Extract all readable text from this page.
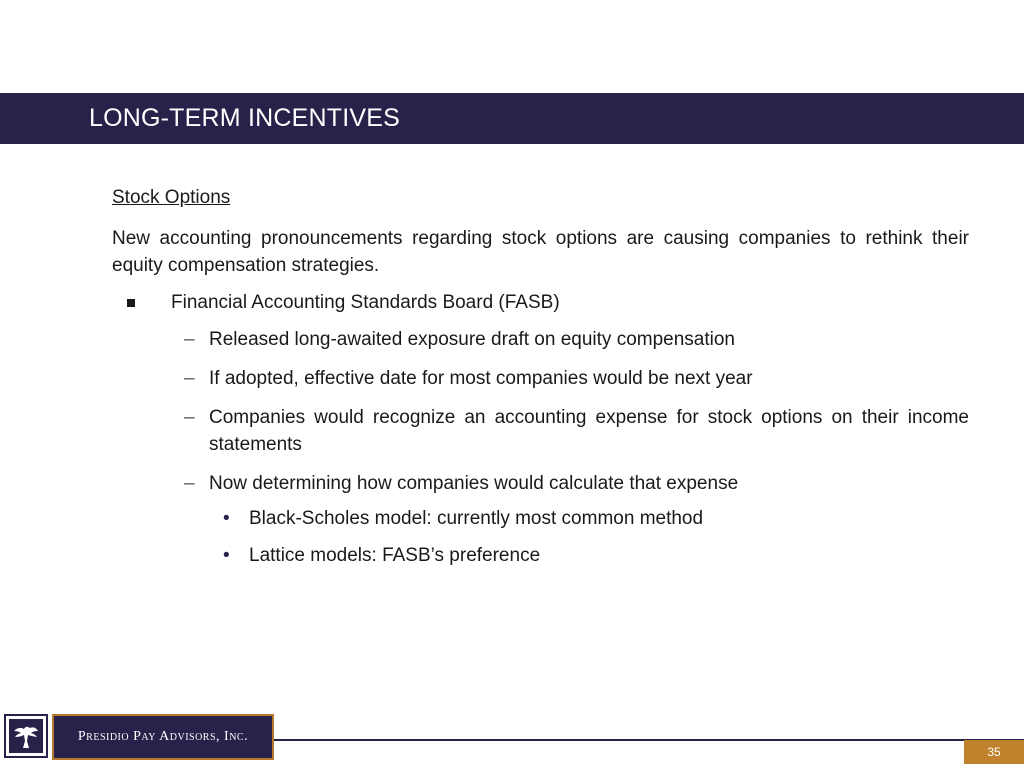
LONG-TERM INCENTIVES
Stock Options
New accounting pronouncements regarding stock options are causing companies to rethink their equity compensation strategies.
Financial Accounting Standards Board (FASB)
– Released long-awaited exposure draft on equity compensation
– If adopted, effective date for most companies would be next year
– Companies would recognize an accounting expense for stock options on their income statements
– Now determining how companies would calculate that expense
• Black-Scholes model: currently most common method
• Lattice models: FASB’s preference
Presidio Pay Advisors, Inc.
35
